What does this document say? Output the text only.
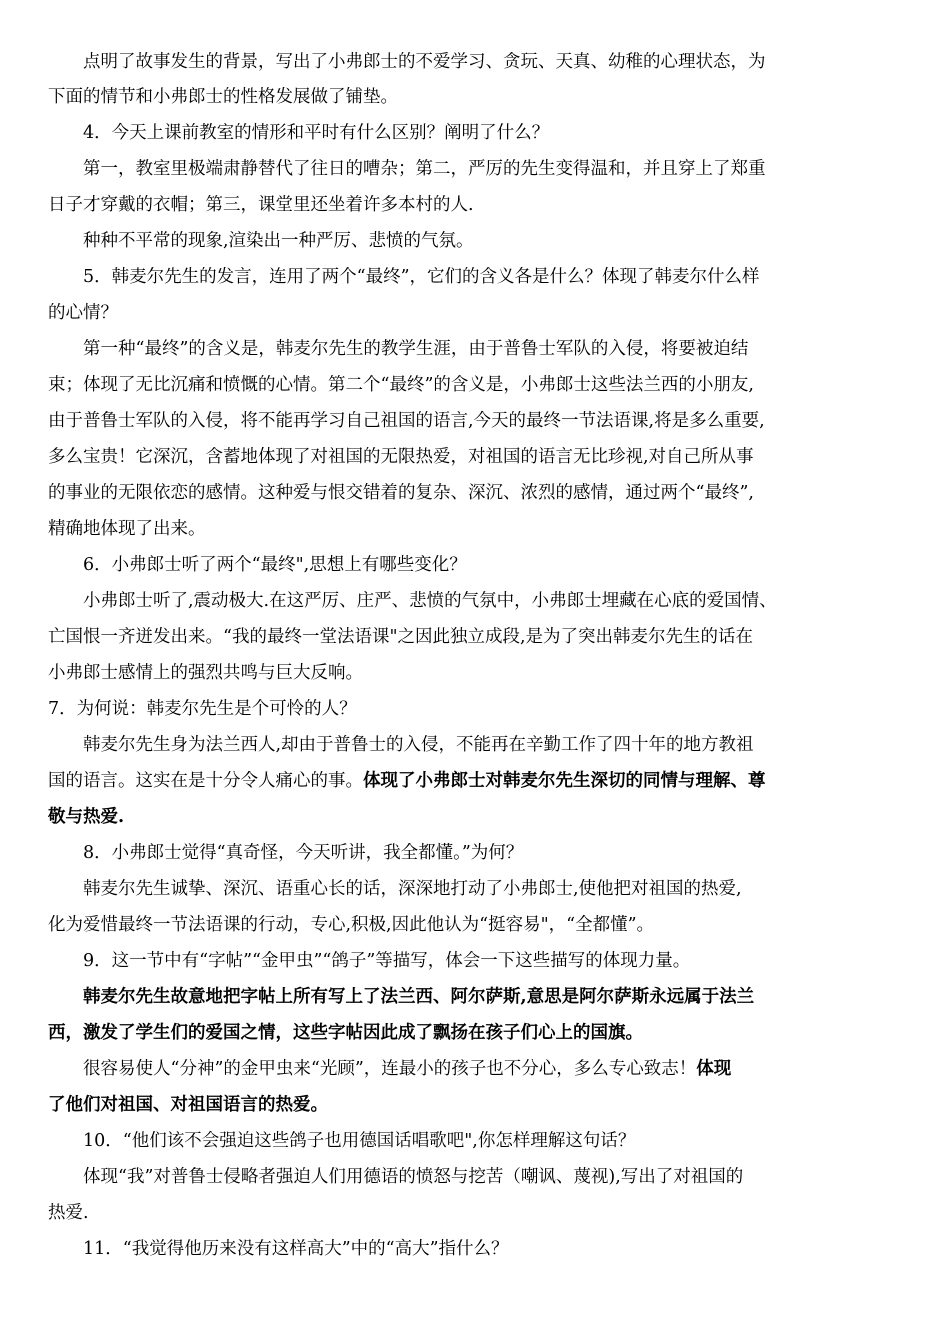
　　点明了故事发生的背景，写出了小弗郎士的不爱学习、贪玩、天真、幼稚的心理状态，为
下面的情节和小弗郎士的性格发展做了铺垫。
　　4．今天上课前教室的情形和平时有什么区别？阐明了什么？
　　第一，教室里极端肃静替代了往日的嘈杂；第二，严厉的先生变得温和，并且穿上了郑重
日子才穿戴的衣帽；第三，课堂里还坐着许多本村的人.
　　种种不平常的现象,渲染出一种严厉、悲愤的气氛。
　　5．韩麦尔先生的发言，连用了两个“最终”，它们的含义各是什么？体现了韩麦尔什么样
的心情？
　　第一种“最终”的含义是，韩麦尔先生的教学生涯，由于普鲁士军队的入侵，将要被迫结
束；体现了无比沉痛和愤慨的心情。第二个“最终”的含义是，小弗郎士这些法兰西的小朋友,
由于普鲁士军队的入侵，将不能再学习自己祖国的语言,今天的最终一节法语课,将是多么重要,
多么宝贵！它深沉，含蓄地体现了对祖国的无限热爱，对祖国的语言无比珍视,对自己所从事
的事业的无限依恋的感情。这种爱与恨交错着的复杂、深沉、浓烈的感情，通过两个“最终”,
精确地体现了出来。
　　6．小弗郎士听了两个“最终",思想上有哪些变化？
　　小弗郎士听了,震动极大.在这严厉、庄严、悲愤的气氛中，小弗郎士埋藏在心底的爱国情、
亡国恨一齐迸发出来。“我的最终一堂法语课"之因此独立成段,是为了突出韩麦尔先生的话在
小弗郎士感情上的强烈共鸣与巨大反响。
7．为何说：韩麦尔先生是个可怜的人？
　　韩麦尔先生身为法兰西人,却由于普鲁士的入侵，不能再在辛勤工作了四十年的地方教祖
国的语言。这实在是十分令人痛心的事。体现了小弗郎士对韩麦尔先生深切的同情与理解、尊
敬与热爱.
　　8．小弗郎士觉得“真奇怪，今天听讲，我全都懂。”为何？
　　韩麦尔先生诚挚、深沉、语重心长的话，深深地打动了小弗郎士,使他把对祖国的热爱,
化为爱惜最终一节法语课的行动，专心,积极,因此他认为“挺容易"，“全都懂”。
　　9．这一节中有“字帖”“金甲虫”“鸽子”等描写，体会一下这些描写的体现力量。
　　韩麦尔先生故意地把字帖上所有写上了法兰西、阿尔萨斯,意思是阿尔萨斯永远属于法兰
西，激发了学生们的爱国之情，这些字帖因此成了飘扬在孩子们心上的国旗。
　　很容易使人“分神”的金甲虫来“光顾”，连最小的孩子也不分心，多么专心致志！体现
了他们对祖国、对祖国语言的热爱。
　　10．“他们该不会强迫这些鸽子也用德国话唱歌吧",你怎样理解这句话？
　　体现“我”对普鲁士侵略者强迫人们用德语的愤怒与挖苦（嘲讽、蔑视),写出了对祖国的
热爱.
　　11．“我觉得他历来没有这样高大”中的“高大”指什么？
